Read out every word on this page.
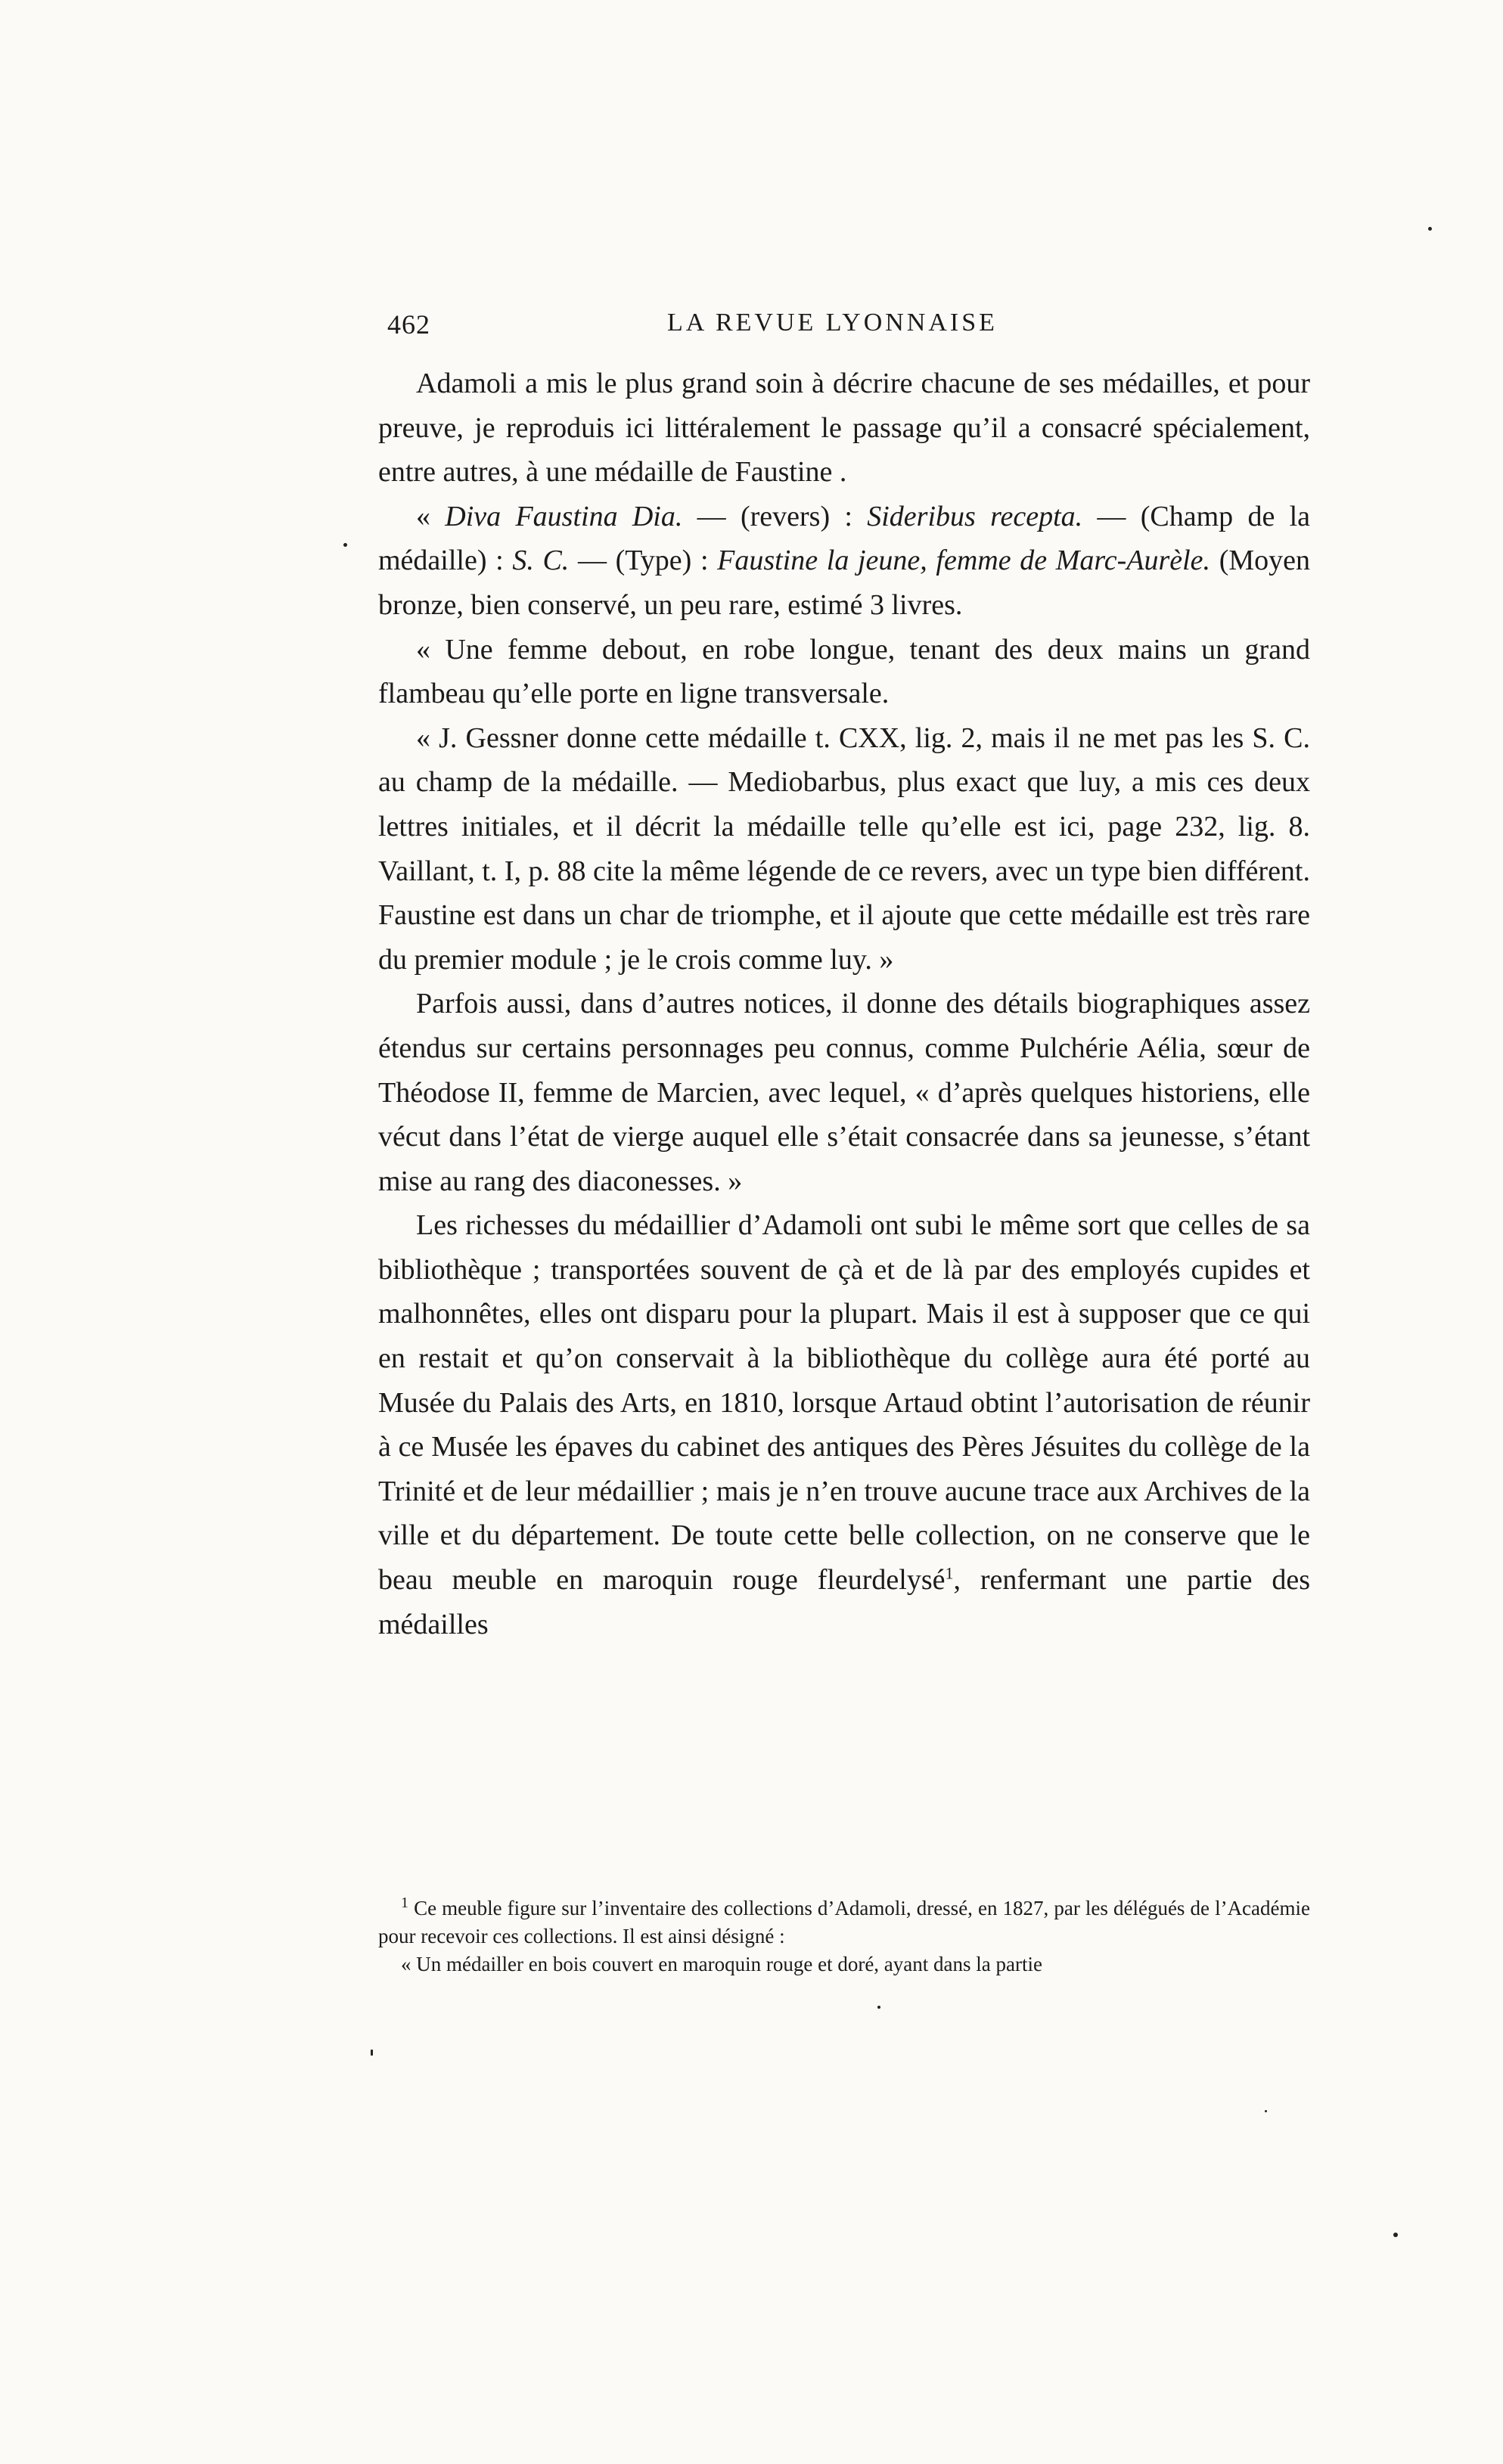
462	LA REVUE LYONNAISE

Adamoli a mis le plus grand soin à décrire chacune de ses médailles, et pour preuve, je reproduis ici littéralement le passage qu’il a consacré spécialement, entre autres, à une médaille de Faustine .

« Diva Faustina Dia. — (revers) : Sideribus recepta. — (Champ de la médaille) : S. C. — (Type) : Faustine la jeune, femme de Marc-Aurèle. (Moyen bronze, bien conservé, un peu rare, estimé 3 livres.

« Une femme debout, en robe longue, tenant des deux mains un grand flambeau qu’elle porte en ligne transversale.

« J. Gessner donne cette médaille t. CXX, lig. 2, mais il ne met pas les S. C. au champ de la médaille. — Mediobarbus, plus exact que luy, a mis ces deux lettres initiales, et il décrit la médaille telle qu’elle est ici, page 232, lig. 8. Vaillant, t. I, p. 88 cite la même légende de ce revers, avec un type bien différent. Faustine est dans un char de triomphe, et il ajoute que cette médaille est très rare du premier module ; je le crois comme luy. »

Parfois aussi, dans d’autres notices, il donne des détails biographiques assez étendus sur certains personnages peu connus, comme Pulchérie Aélia, sœur de Théodose II, femme de Marcien, avec lequel, « d’après quelques historiens, elle vécut dans l’état de vierge auquel elle s’était consacrée dans sa jeunesse, s’étant mise au rang des diaconesses. »

Les richesses du médaillier d’Adamoli ont subi le même sort que celles de sa bibliothèque ; transportées souvent de çà et de là par des employés cupides et malhonnêtes, elles ont disparu pour la plupart. Mais il est à supposer que ce qui en restait et qu’on conservait à la bibliothèque du collège aura été porté au Musée du Palais des Arts, en 1810, lorsque Artaud obtint l’autorisation de réunir à ce Musée les épaves du cabinet des antiques des Pères Jésuites du collège de la Trinité et de leur médaillier ; mais je n’en trouve aucune trace aux Archives de la ville et du département. De toute cette belle collection, on ne conserve que le beau meuble en maroquin rouge fleurdelysé$^1$, renfermant une partie des médailles

$^1$ Ce meuble figure sur l’inventaire des collections d’Adamoli, dressé, en 1827, par les délégués de l’Académie pour recevoir ces collections. Il est ainsi désigné :

« Un médailler en bois couvert en maroquin rouge et doré, ayant dans la partie
